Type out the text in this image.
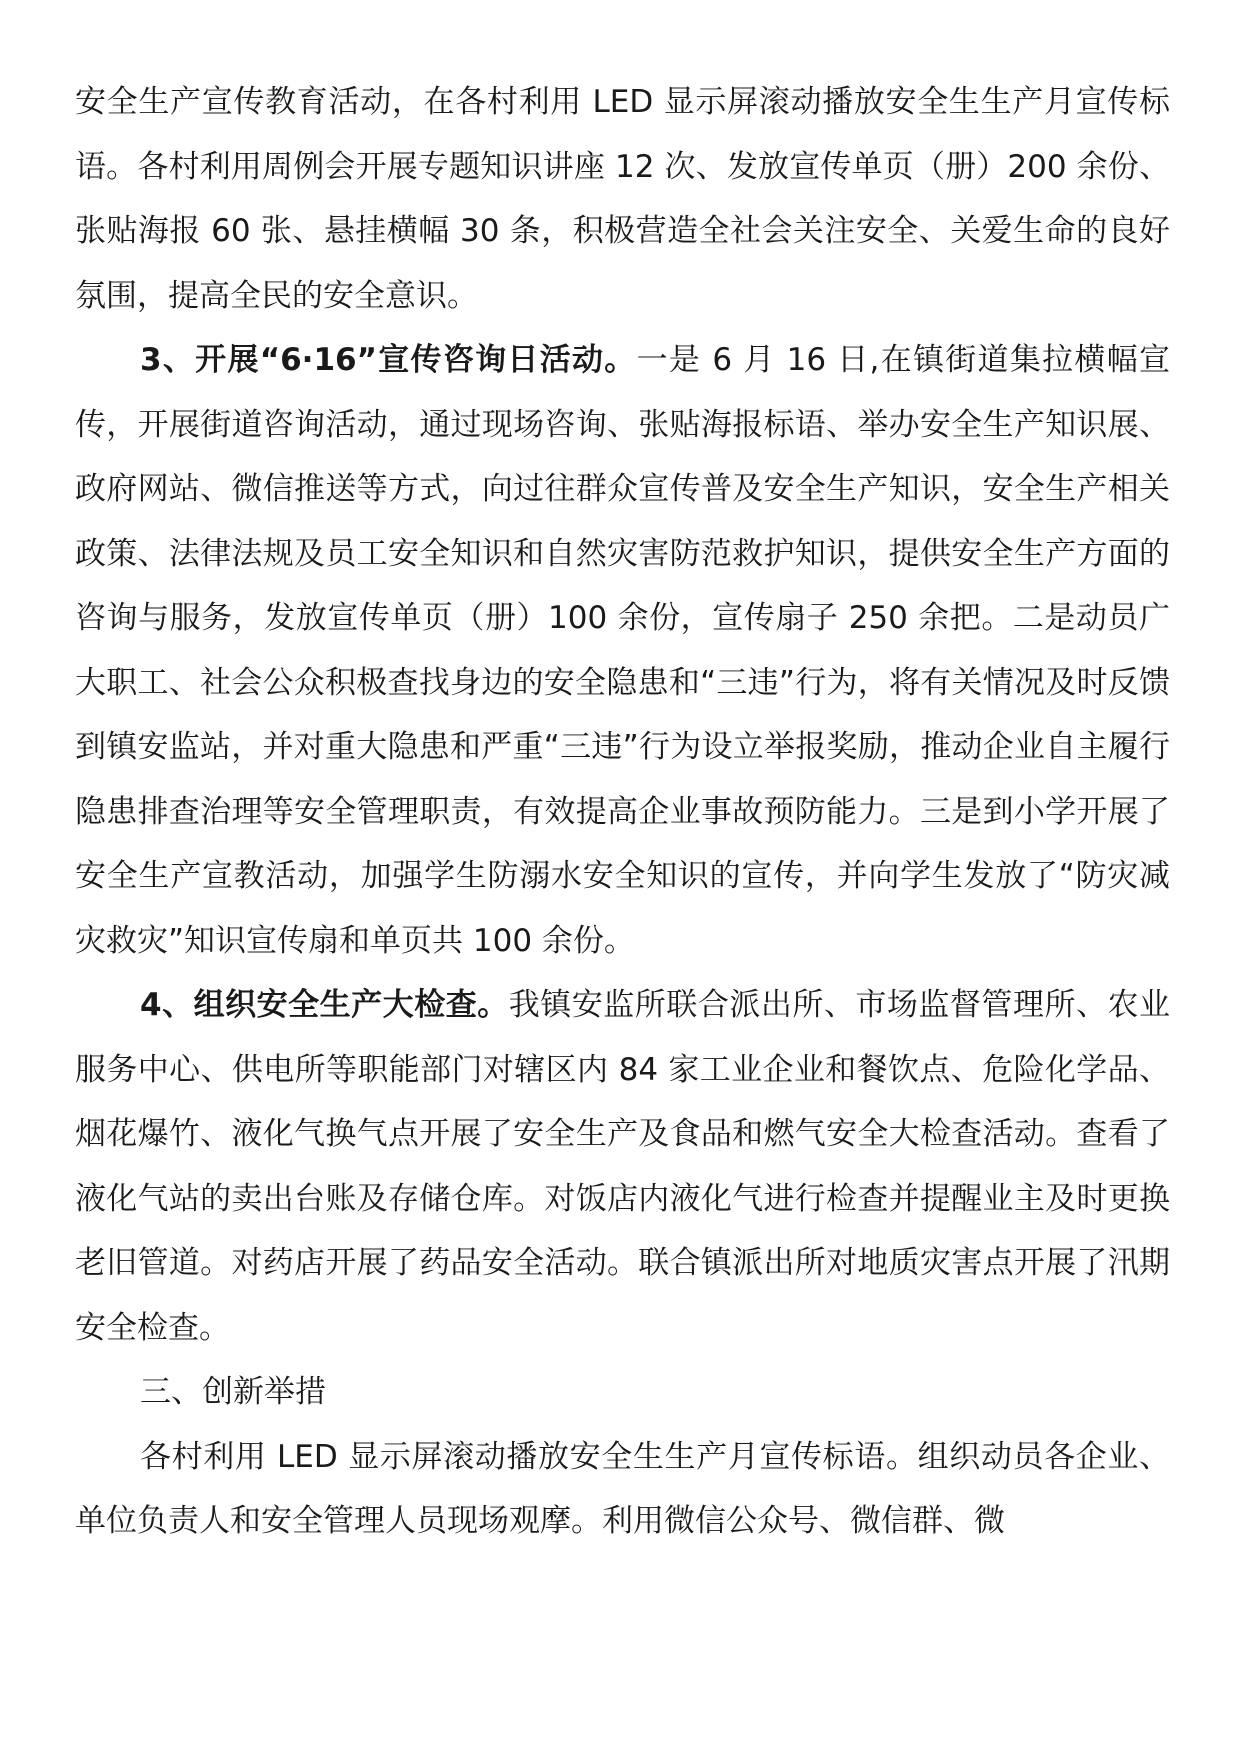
安全生产宣传教育活动，在各村利用 LED 显示屏滚动播放安全生生产月宣传标语。各村利用周例会开展专题知识讲座 12 次、发放宣传单页（册）200 余份、张贴海报 60 张、悬挂横幅 30 条，积极营造全社会关注安全、关爱生命的良好氛围，提高全民的安全意识。

3、开展“6·16”宣传咨询日活动。一是 6 月 16 日,在镇街道集拉横幅宣传，开展街道咨询活动，通过现场咨询、张贴海报标语、举办安全生产知识展、政府网站、微信推送等方式，向过往群众宣传普及安全生产知识，安全生产相关政策、法律法规及员工安全知识和自然灾害防范救护知识，提供安全生产方面的咨询与服务，发放宣传单页（册）100 余份，宣传扇子 250 余把。二是动员广大职工、社会公众积极查找身边的安全隐患和“三违”行为，将有关情况及时反馈到镇安监站，并对重大隐患和严重“三违”行为设立举报奖励，推动企业自主履行隐患排查治理等安全管理职责，有效提高企业事故预防能力。三是到小学开展了安全生产宣教活动，加强学生防溺水安全知识的宣传，并向学生发放了“防灾减灾救灾”知识宣传扇和单页共 100 余份。

4、组织安全生产大检查。我镇安监所联合派出所、市场监督管理所、农业服务中心、供电所等职能部门对辖区内 84 家工业企业和餐饮点、危险化学品、烟花爆竹、液化气换气点开展了安全生产及食品和燃气安全大检查活动。查看了液化气站的卖出台账及存储仓库。对饭店内液化气进行检查并提醒业主及时更换老旧管道。对药店开展了药品安全活动。联合镇派出所对地质灾害点开展了汛期安全检查。

三、创新举措

各村利用 LED 显示屏滚动播放安全生生产月宣传标语。组织动员各企业、单位负责人和安全管理人员现场观摩。利用微信公众号、微信群、微
